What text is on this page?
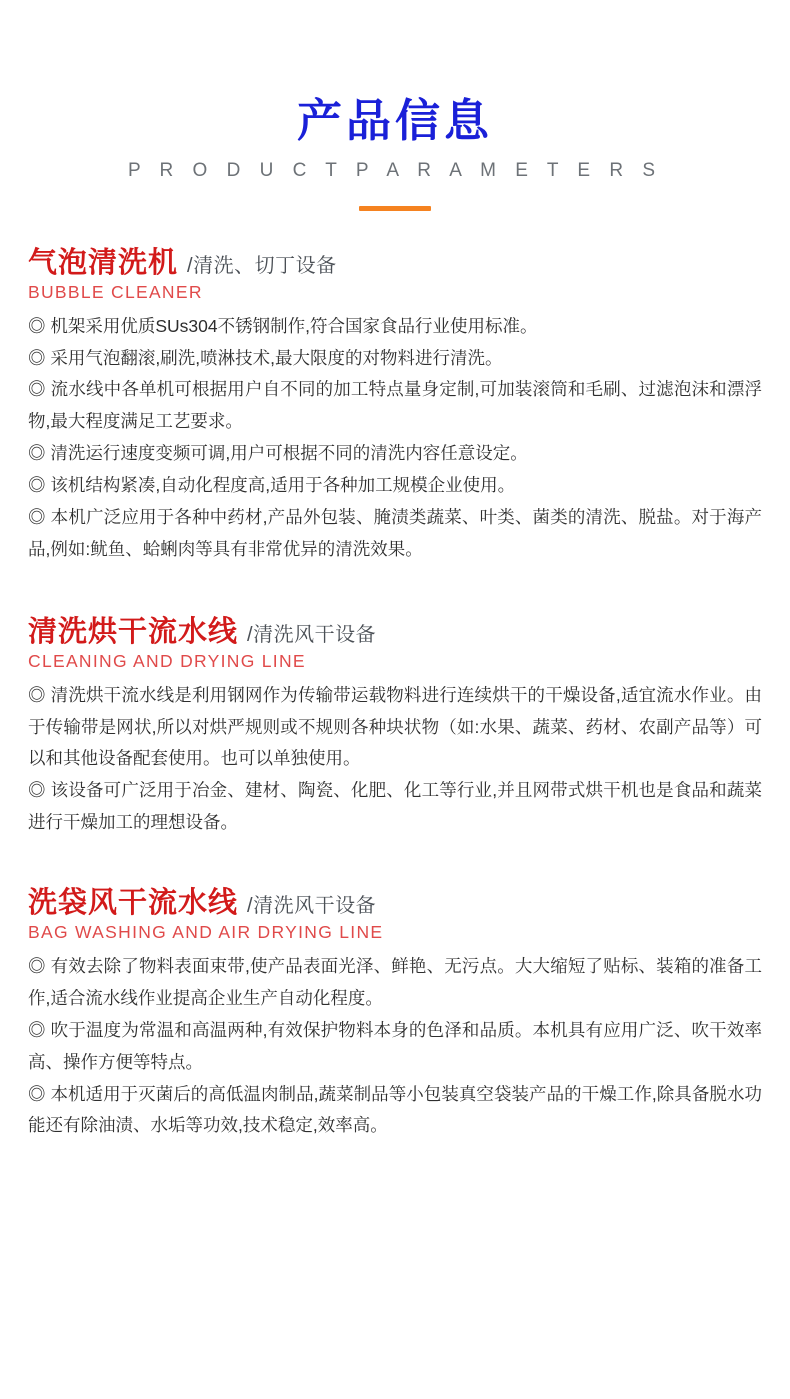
产品信息
P R O D U C T P A R A M E T E R S
气泡清洗机 /清洗、切丁设备
BUBBLE CLEANER
◎ 机架采用优质SUs304不锈钢制作,符合国家食品行业使用标准。
◎ 采用气泡翻滚,刷洗,喷淋技术,最大限度的对物料进行清洗。
◎ 流水线中各单机可根据用户自不同的加工特点量身定制,可加装滚筒和毛刷、过滤泡沫和漂浮物,最大程度满足工艺要求。
◎ 清洗运行速度变频可调,用户可根据不同的清洗内容任意设定。
◎ 该机结构紧凑,自动化程度高,适用于各种加工规模企业使用。
◎ 本机广泛应用于各种中药材,产品外包装、腌渍类蔬菜、叶类、菌类的清洗、脱盐。对于海产品,例如:鱿鱼、蛤蜊肉等具有非常优异的清洗效果。
清洗烘干流水线 /清洗风干设备
CLEANING AND DRYING LINE
◎ 清洗烘干流水线是利用钢网作为传输带运载物料进行连续烘干的干燥设备,适宜流水作业。由于传输带是网状,所以对烘严规则或不规则各种块状物（如:水果、蔬菜、药材、农副产品等）可以和其他设备配套使用。也可以单独使用。
◎ 该设备可广泛用于冶金、建材、陶瓷、化肥、化工等行业,并且网带式烘干机也是食品和蔬菜进行干燥加工的理想设备。
洗袋风干流水线 /清洗风干设备
BAG WASHING AND AIR DRYING LINE
◎ 有效去除了物料表面束带,使产品表面光泽、鲜艳、无污点。大大缩短了贴标、装箱的准备工作,适合流水线作业提高企业生产自动化程度。
◎ 吹于温度为常温和高温两种,有效保护物料本身的色泽和品质。本机具有应用广泛、吹干效率高、操作方便等特点。
◎ 本机适用于灭菌后的高低温肉制品,蔬菜制品等小包装真空袋装产品的干燥工作,除具备脱水功能还有除油渍、水垢等功效,技术稳定,效率高。
